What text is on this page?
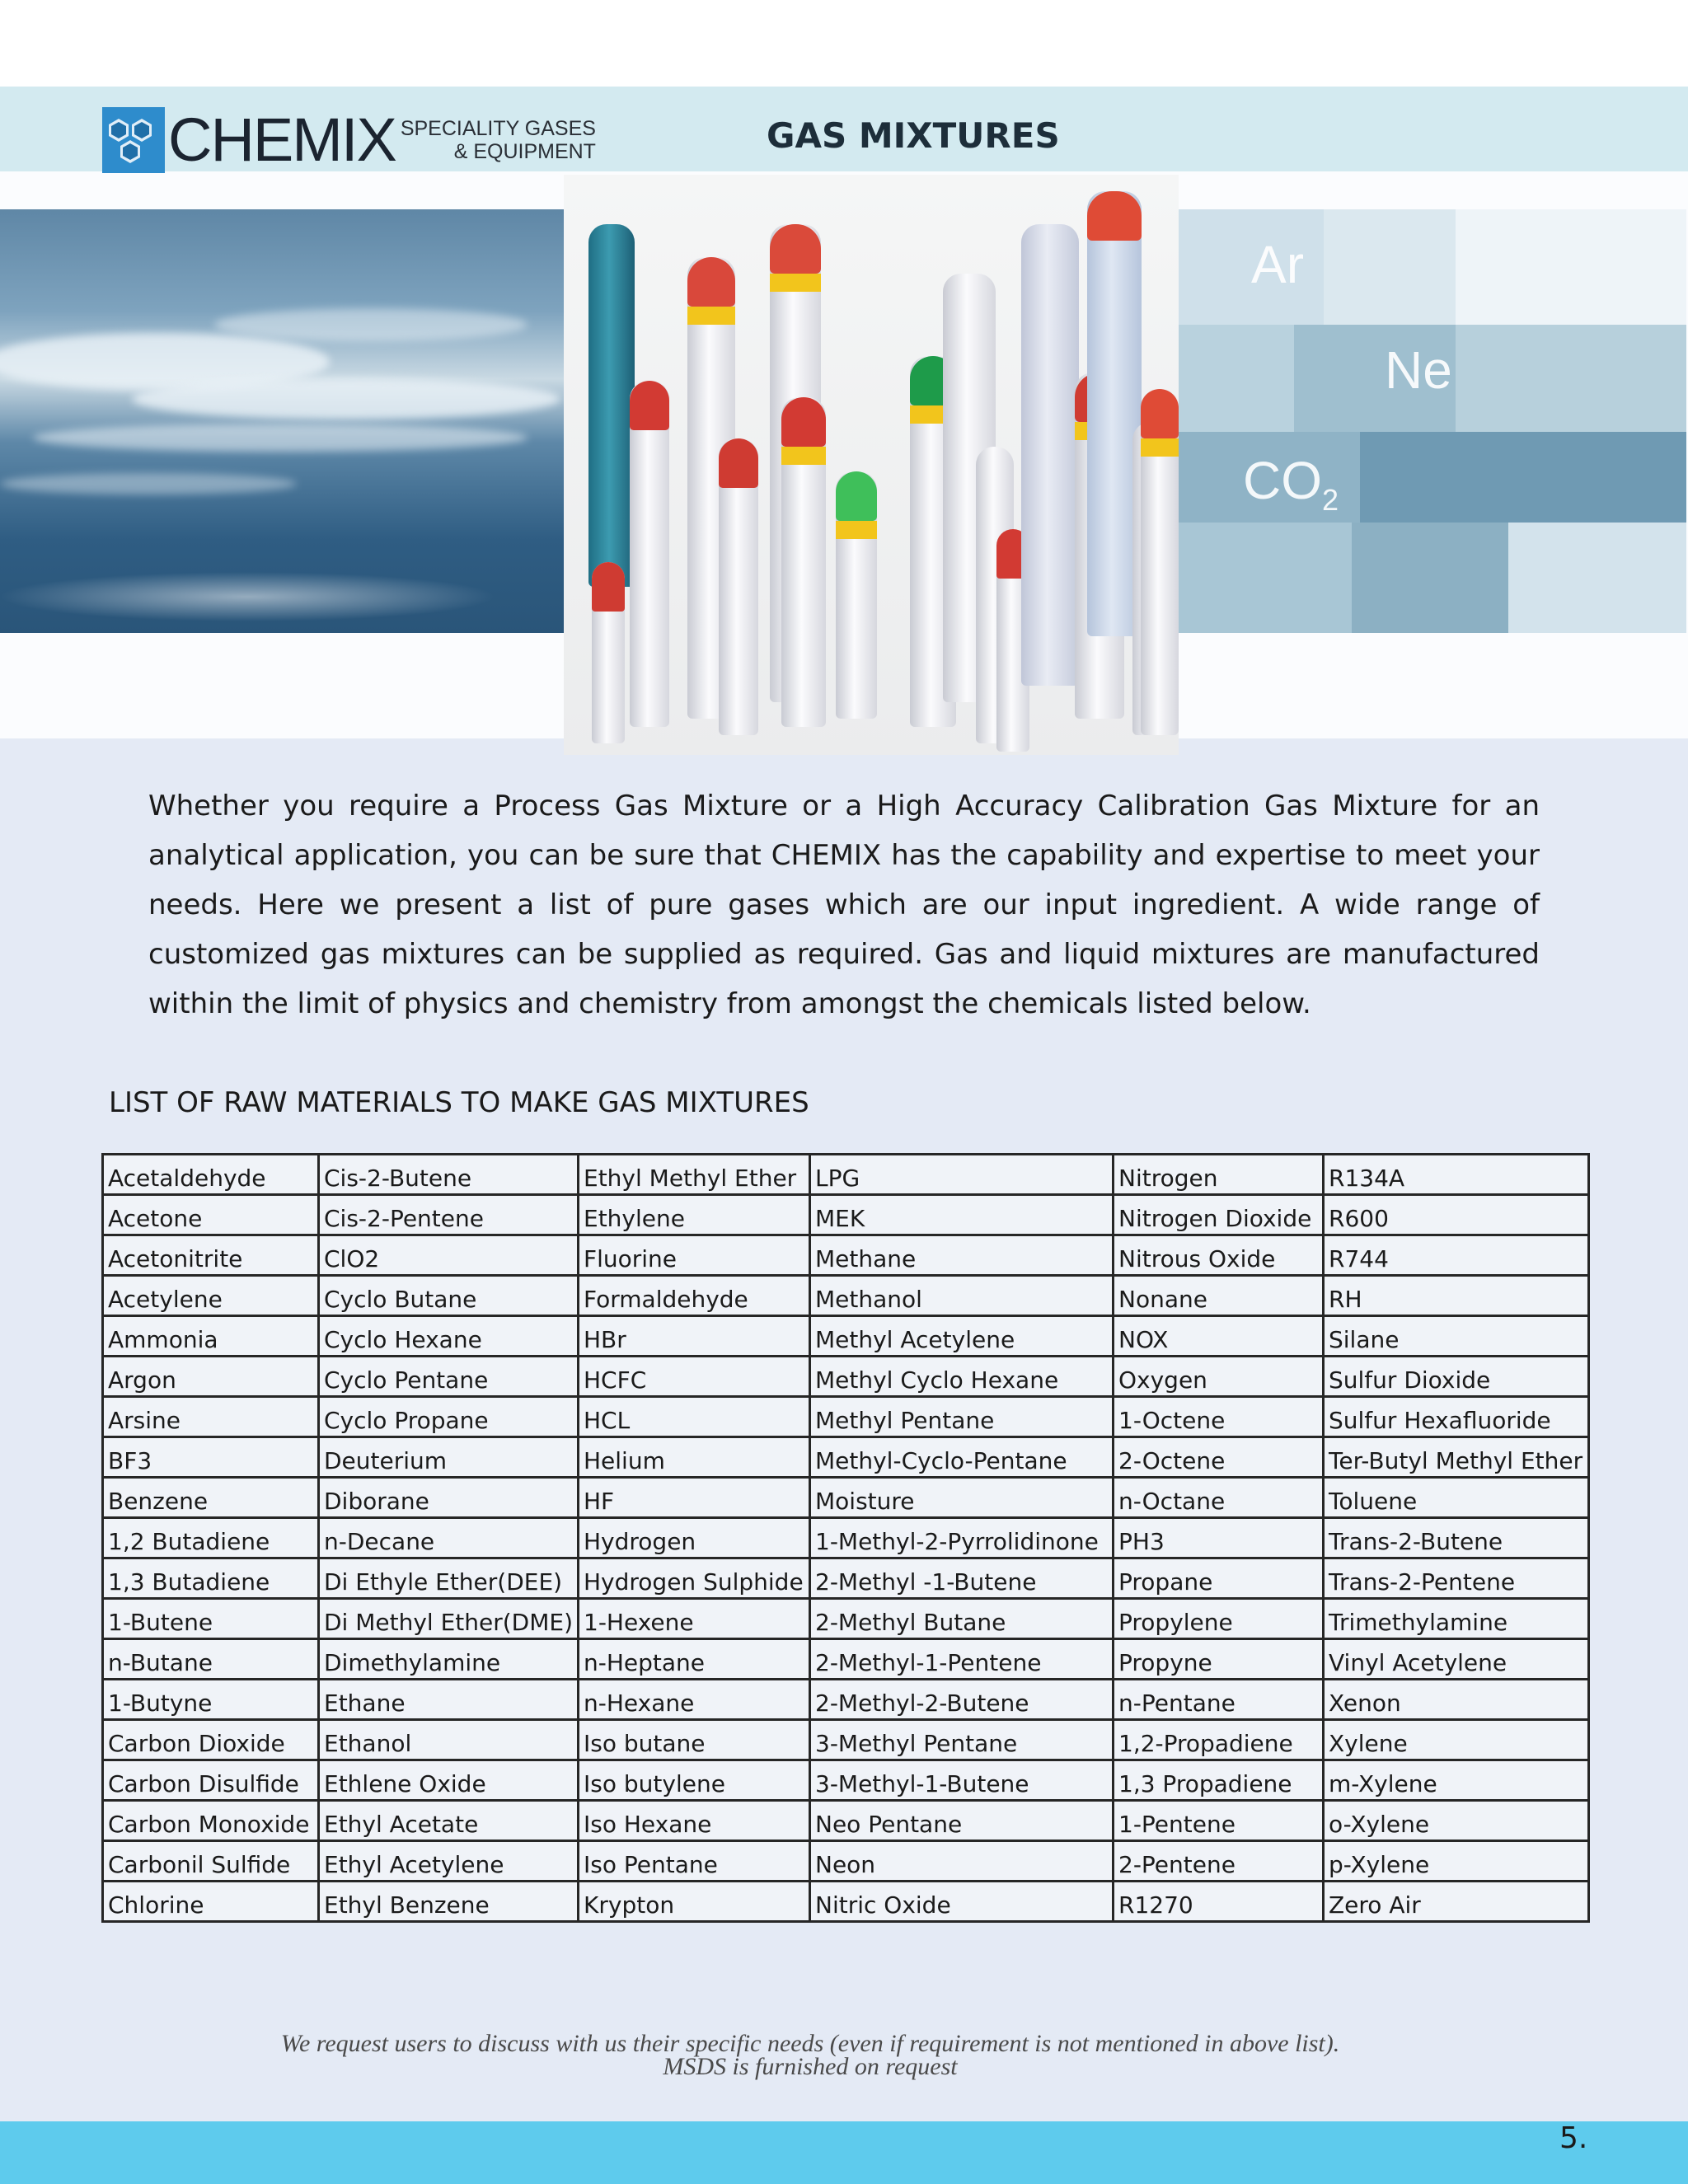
CHEMIX SPECIALITY GASES
& EQUIPMENT	GAS MIXTURES

Ar

Ne

$CO_2$

Whether you require a Process Gas Mixture or a High Accuracy Calibration Gas Mixture for an analytical application, you can be sure that CHEMIX has the capability and expertise to meet your needs. Here we present a list of pure gases which are our input ingredient. A wide range of customized gas mixtures can be supplied as required. Gas and liquid mixtures are manufactured within the limit of physics and chemistry from amongst the chemicals listed below.

LIST OF RAW MATERIALS TO MAKE GAS MIXTURES
Acetaldehyde	Cis-2-Butene	Ethyl Methyl Ether	LPG	Nitrogen	R134A
Acetone	Cis-2-Pentene	Ethylene	MEK	Nitrogen Dioxide	R600
Acetonitrite	ClO2	Fluorine	Methane	Nitrous Oxide	R744
Acetylene	Cyclo Butane	Formaldehyde	Methanol	Nonane	RH
Ammonia	Cyclo Hexane	HBr	Methyl Acetylene	NOX	Silane
Argon	Cyclo Pentane	HCFC	Methyl Cyclo Hexane	Oxygen	Sulfur Dioxide
Arsine	Cyclo Propane	HCL	Methyl Pentane	1-Octene	Sulfur Hexafluoride
BF3	Deuterium	Helium	Methyl-Cyclo-Pentane	2-Octene	Ter-Butyl Methyl Ether
Benzene	Diborane	HF	Moisture	n-Octane	Toluene
1,2 Butadiene	n-Decane	Hydrogen	1-Methyl-2-Pyrrolidinone	PH3	Trans-2-Butene
1,3 Butadiene	Di Ethyle Ether(DEE)	Hydrogen Sulphide	2-Methyl -1-Butene	Propane	Trans-2-Pentene
1-Butene	Di Methyl Ether(DME)	1-Hexene	2-Methyl Butane	Propylene	Trimethylamine
n-Butane	Dimethylamine	n-Heptane	2-Methyl-1-Pentene	Propyne	Vinyl Acetylene
1-Butyne	Ethane	n-Hexane	2-Methyl-2-Butene	n-Pentane	Xenon
Carbon Dioxide	Ethanol	Iso butane	3-Methyl Pentane	1,2-Propadiene	Xylene
Carbon Disulfide	Ethlene Oxide	Iso butylene	3-Methyl-1-Butene	1,3 Propadiene	m-Xylene
Carbon Monoxide	Ethyl Acetate	Iso Hexane	Neo Pentane	1-Pentene	o-Xylene
Carbonil Sulfide	Ethyl Acetylene	Iso Pentane	Neon	2-Pentene	p-Xylene
Chlorine	Ethyl Benzene	Krypton	Nitric Oxide	R1270	Zero Air
We request users to discuss with us their specific needs (even if requirement is not mentioned in above list).
MSDS is furnished on request

5.
